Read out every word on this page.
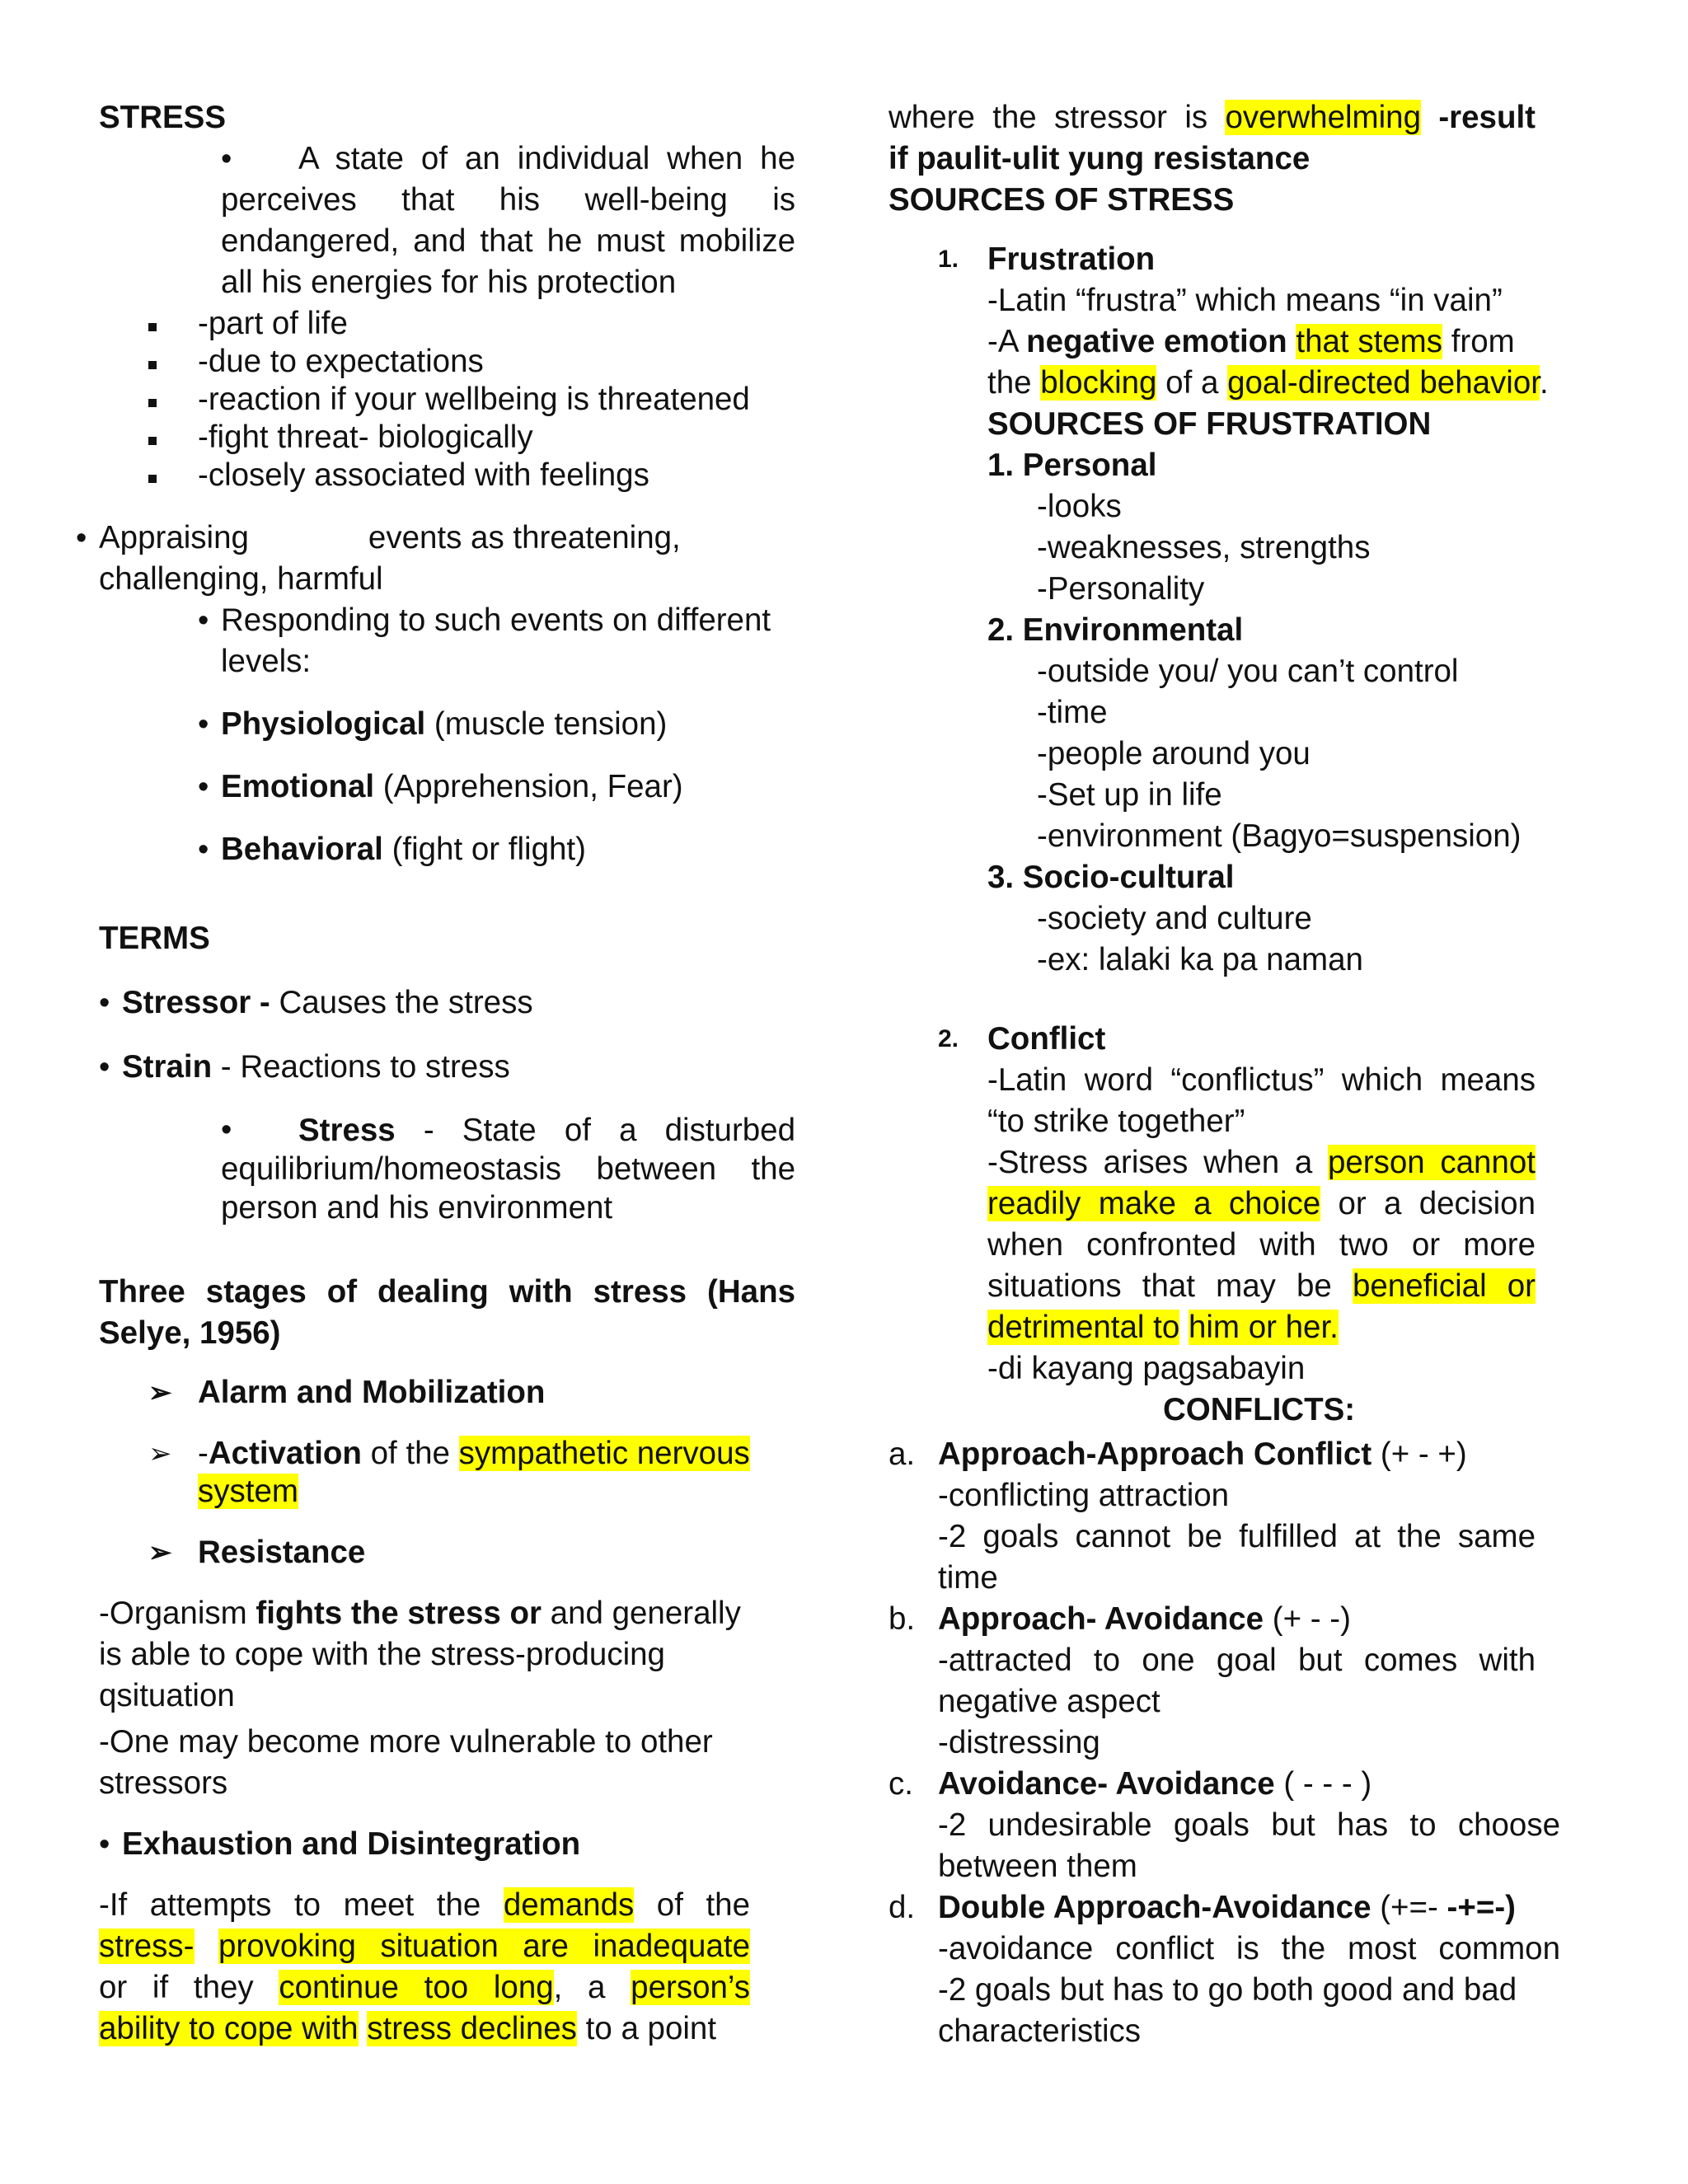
STRESS
•	A state of an individual when he
perceives that his well-being is
endangered, and that he must mobilize
all his energies for his protection
-part of life
-due to expectations
-reaction if your wellbeing is threatened
-fight threat- biologically
-closely associated with feelings
• Appraising	events as threatening,
challenging, harmful
• Responding to such events on different
levels:
• Physiological (muscle tension)
• Emotional (Apprehension, Fear)
• Behavioral (fight or flight)
TERMS
• Stressor - Causes the stress
• Strain - Reactions to stress
•	Stress - State of a disturbed
equilibrium/homeostasis between the
person and his environment
Three stages of dealing with stress (Hans
Selye, 1956)
➢ Alarm and Mobilization
➢ -Activation of the sympathetic nervous
system
➢ Resistance
-Organism fights the stress or and generally
is able to cope with the stress-producing
qsituation
-One may become more vulnerable to other
stressors
• Exhaustion and Disintegration
-If attempts to meet the demands of the
stress- provoking situation are inadequate
or if they continue too long, a person’s
ability to cope with stress declines to a point
where the stressor is overwhelming -result
if paulit-ulit yung resistance
SOURCES OF STRESS
1. Frustration
-Latin “frustra” which means “in vain”
-A negative emotion that stems from
the blocking of a goal-directed behavior.
SOURCES OF FRUSTRATION
1. Personal
-looks
-weaknesses, strengths
-Personality
2. Environmental
-outside you/ you can’t control
-time
-people around you
-Set up in life
-environment (Bagyo=suspension)
3. Socio-cultural
-society and culture
-ex: lalaki ka pa naman
2. Conflict
-Latin word “conflictus” which means
“to strike together”
-Stress arises when a person cannot
readily make a choice or a decision
when confronted with two or more
situations that may be beneficial or
detrimental to him or her.
-di kayang pagsabayin
CONFLICTS:
a. Approach-Approach Conflict (+ - +)
-conflicting attraction
-2 goals cannot be fulfilled at the same
time
b. Approach- Avoidance (+ - -)
-attracted to one goal but comes with
negative aspect
-distressing
c. Avoidance- Avoidance ( - - - )
-2 undesirable goals but has to choose
between them
d. Double Approach-Avoidance (+=- -+=-)
-avoidance conflict is the most common
-2 goals but has to go both good and bad
characteristics
